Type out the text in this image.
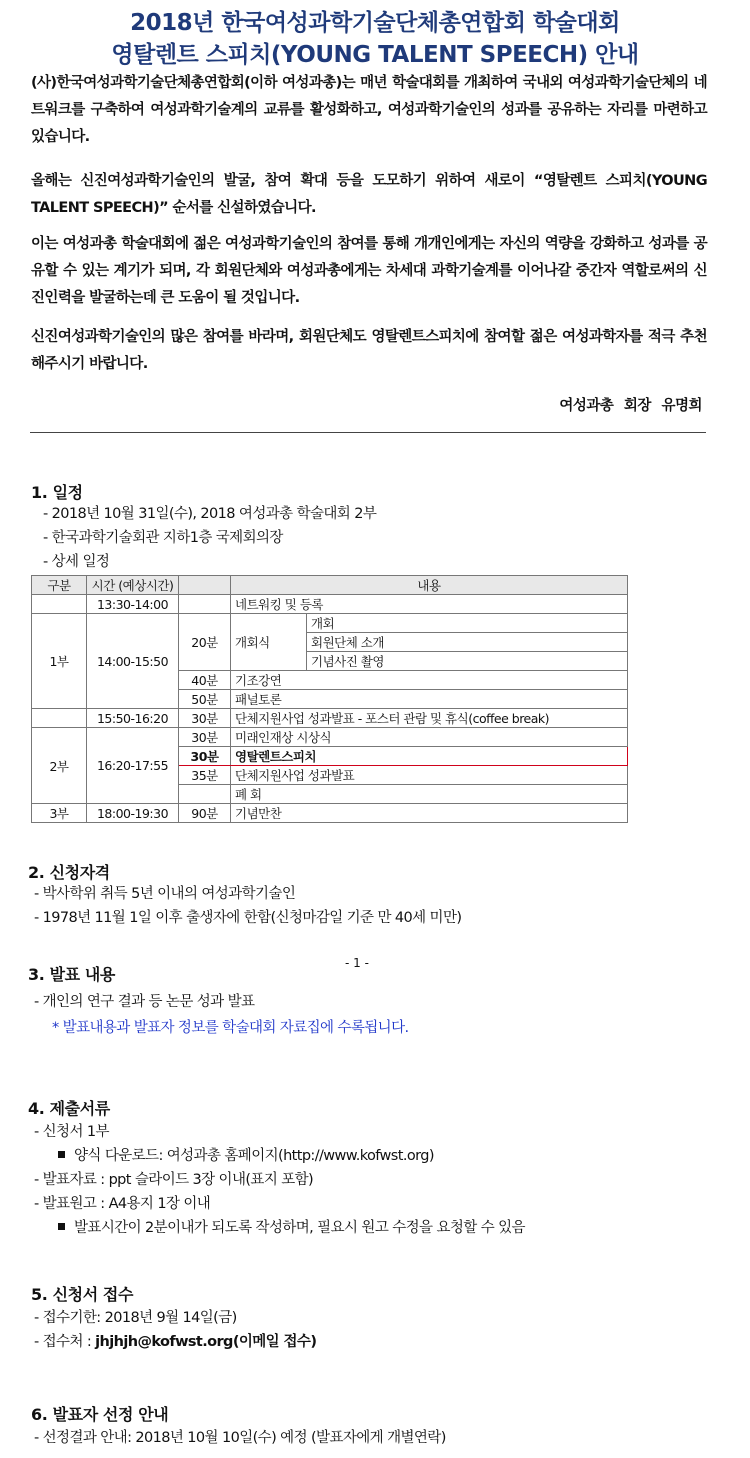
2018년 한국여성과학기술단체총연합회 학술대회
영탈렌트 스피치(YOUNG TALENT SPEECH) 안내

(사)한국여성과학기술단체총연합회(이하 여성과총)는 매년 학술대회를 개최하여 국내외 여성과학기술단체의 네트워크를 구축하여 여성과학기술계의 교류를 활성화하고, 여성과학기술인의 성과를 공유하는 자리를 마련하고 있습니다.

올해는 신진여성과학기술인의 발굴, 참여 확대 등을 도모하기 위하여 새로이 “영탈렌트 스피치(YOUNG TALENT SPEECH)” 순서를 신설하였습니다.

이는 여성과총 학술대회에 젊은 여성과학기술인의 참여를 통해 개개인에게는 자신의 역량을 강화하고 성과를 공유할 수 있는 계기가 되며, 각 회원단체와 여성과총에게는 차세대 과학기술계를 이어나갈 중간자 역할로써의 신진인력을 발굴하는데 큰 도움이 될 것입니다.

신진여성과학기술인의 많은 참여를 바라며, 회원단체도 영탈렌트스피치에 참여할 젊은 여성과학자를 적극 추천해주시기 바랍니다.

여성과총 회장 유명희
1. 일정
- 2018년 10월 31일(수), 2018 여성과총 학술대회 2부
- 한국과학기술회관 지하1층 국제회의장
- 상세 일정
구분	시간 (예상시간)		내용	
	13:30-14:00		네트워킹 및 등록	
1부	14:00-15:50	20분	개회식	개회
				회원단체 소개
				기념사진 촬영
		40분	기조강연	
		50분	패널토론	
	15:50-16:20	30분	단체지원사업 성과발표 - 포스터 관람 및 휴식(coffee break)	
2부	16:20-17:55	30분	미래인재상 시상식	
		30분	영탈렌트스피치	
		35분	단체지원사업 성과발표	
			폐 회	
3부	18:00-19:30	90분	기념만찬	
2. 신청자격
- 박사학위 취득 5년 이내의 여성과학기술인
- 1978년 11월 1일 이후 출생자에 한함(신청마감일 기준 만 40세 미만)
- 1 -
3. 발표 내용
- 개인의 연구 결과 등 논문 성과 발표
* 발표내용과 발표자 정보를 학술대회 자료집에 수록됩니다.
4. 제출서류
- 신청서 1부
양식 다운로드: 여성과총 홈페이지(http://www.kofwst.org)
- 발표자료 : ppt 슬라이드 3장 이내(표지 포함)
- 발표원고 : A4용지 1장 이내
발표시간이 2분이내가 되도록 작성하며, 필요시 원고 수정을 요청할 수 있음
5. 신청서 접수
- 접수기한: 2018년 9월 14일(금)
- 접수처 : jhjhjh@kofwst.org(이메일 접수)
6. 발표자 선정 안내
- 선정결과 안내: 2018년 10월 10일(수) 예정 (발표자에게 개별연락)
